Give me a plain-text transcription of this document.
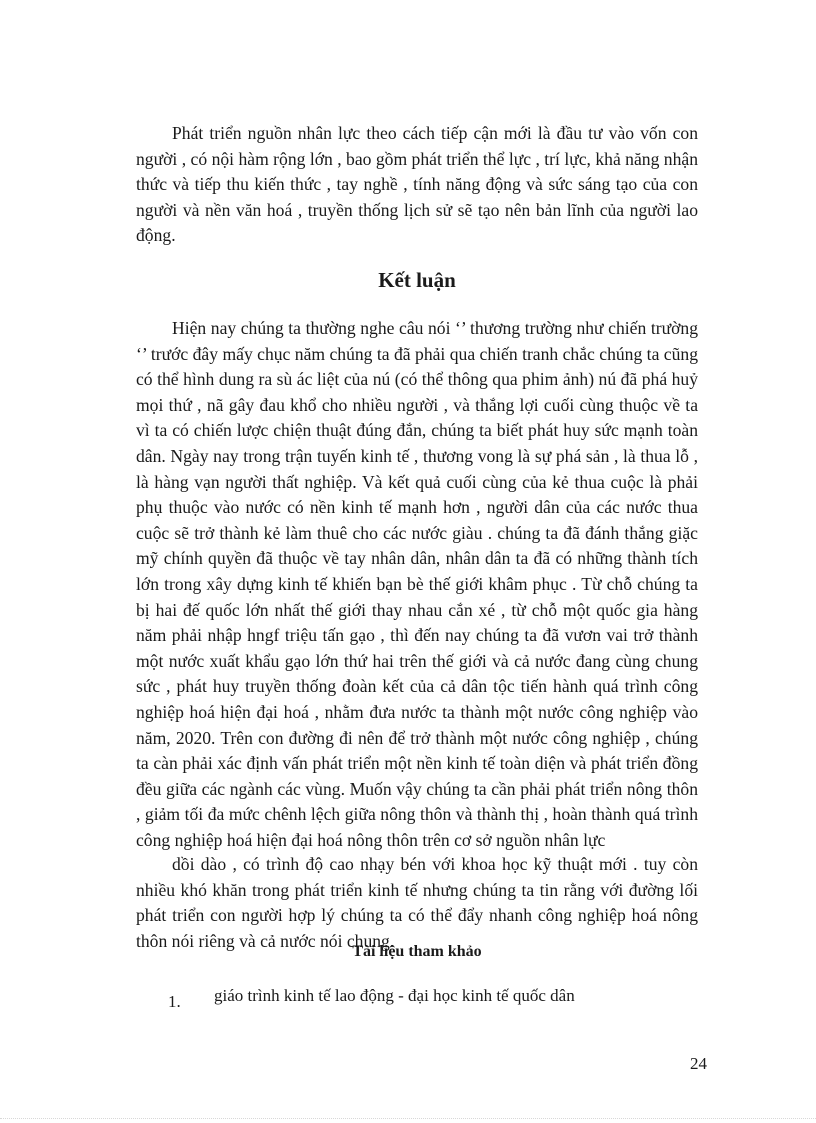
Phát triển nguồn nhân lực theo cách tiếp cận mới là đầu tư vào vốn con người , có nội hàm rộng lớn , bao gồm phát triển thể lực , trí lực, khả năng nhận thức và tiếp thu kiến thức , tay nghề , tính năng động và sức sáng tạo của con người và nền văn hoá , truyền thống lịch sử sẽ tạo nên bản lĩnh của người lao động.

Kết luận

Hiện nay chúng ta thường nghe câu nói ‘’ thương trường như chiến trường ‘’ trước đây mấy chục năm chúng ta đã phải qua chiến tranh chắc chúng ta cũng có thể hình dung ra sù ác liệt của nú (có thể thông qua phim ảnh) nú đã phá huỷ mọi thứ , nã gây đau khổ cho nhiều người , và thắng lợi cuối cùng thuộc về ta vì ta có chiến lược chiện thuật đúng đắn, chúng ta biết phát huy sức mạnh toàn dân. Ngày nay trong trận tuyến kinh tế , thương vong là sự phá sản , là thua lỗ , là hàng vạn người thất nghiệp. Và kết quả cuối cùng của kẻ thua cuộc là phải phụ thuộc vào nước có nền kinh tế mạnh hơn , người dân của các nước thua cuộc sẽ trở thành kẻ làm thuê cho các nước giàu . chúng ta đã đánh thắng giặc mỹ chính quyền đã thuộc về tay nhân dân, nhân dân ta đã có những thành tích lớn trong xây dựng kinh tế khiến bạn bè thế giới khâm phục . Từ chỗ chúng ta bị hai đế quốc lớn nhất thế giới thay nhau cắn xé , từ chỗ một quốc gia hàng năm phải nhập hngf triệu tấn gạo , thì đến nay chúng ta đã vươn vai trở thành một nước xuất khẩu gạo lớn thứ hai trên thế giới và cả nước đang cùng chung sức , phát huy truyền thống đoàn kết của cả dân tộc tiến hành quá trình công nghiệp hoá hiện đại hoá , nhằm đưa nước ta thành một nước công nghiệp vào năm, 2020. Trên con đường đi nên để trở thành một nước công nghiệp , chúng ta càn phải xác định vấn phát triển một nền kinh tế toàn diện và phát triển đồng đều giữa các ngành các vùng. Muốn vậy chúng ta cần phải phát triển nông thôn , giảm tối đa mức chênh lệch giữa nông thôn và thành thị , hoàn thành quá trình công nghiệp hoá hiện đại hoá nông thôn trên cơ sở nguồn nhân lực

dồi dào , có trình độ cao nhạy bén với khoa học kỹ thuật mới . tuy còn nhiều khó khăn trong phát triển kinh tế nhưng chúng ta tin rằng với đường lối phát triển con người hợp lý chúng ta có thể đẩy nhanh công nghiệp hoá nông thôn nói riêng và cả nước nói chung.

Tài liệu tham khảo
1.	giáo trình kinh tế lao động - đại học kinh tế quốc dân
24
